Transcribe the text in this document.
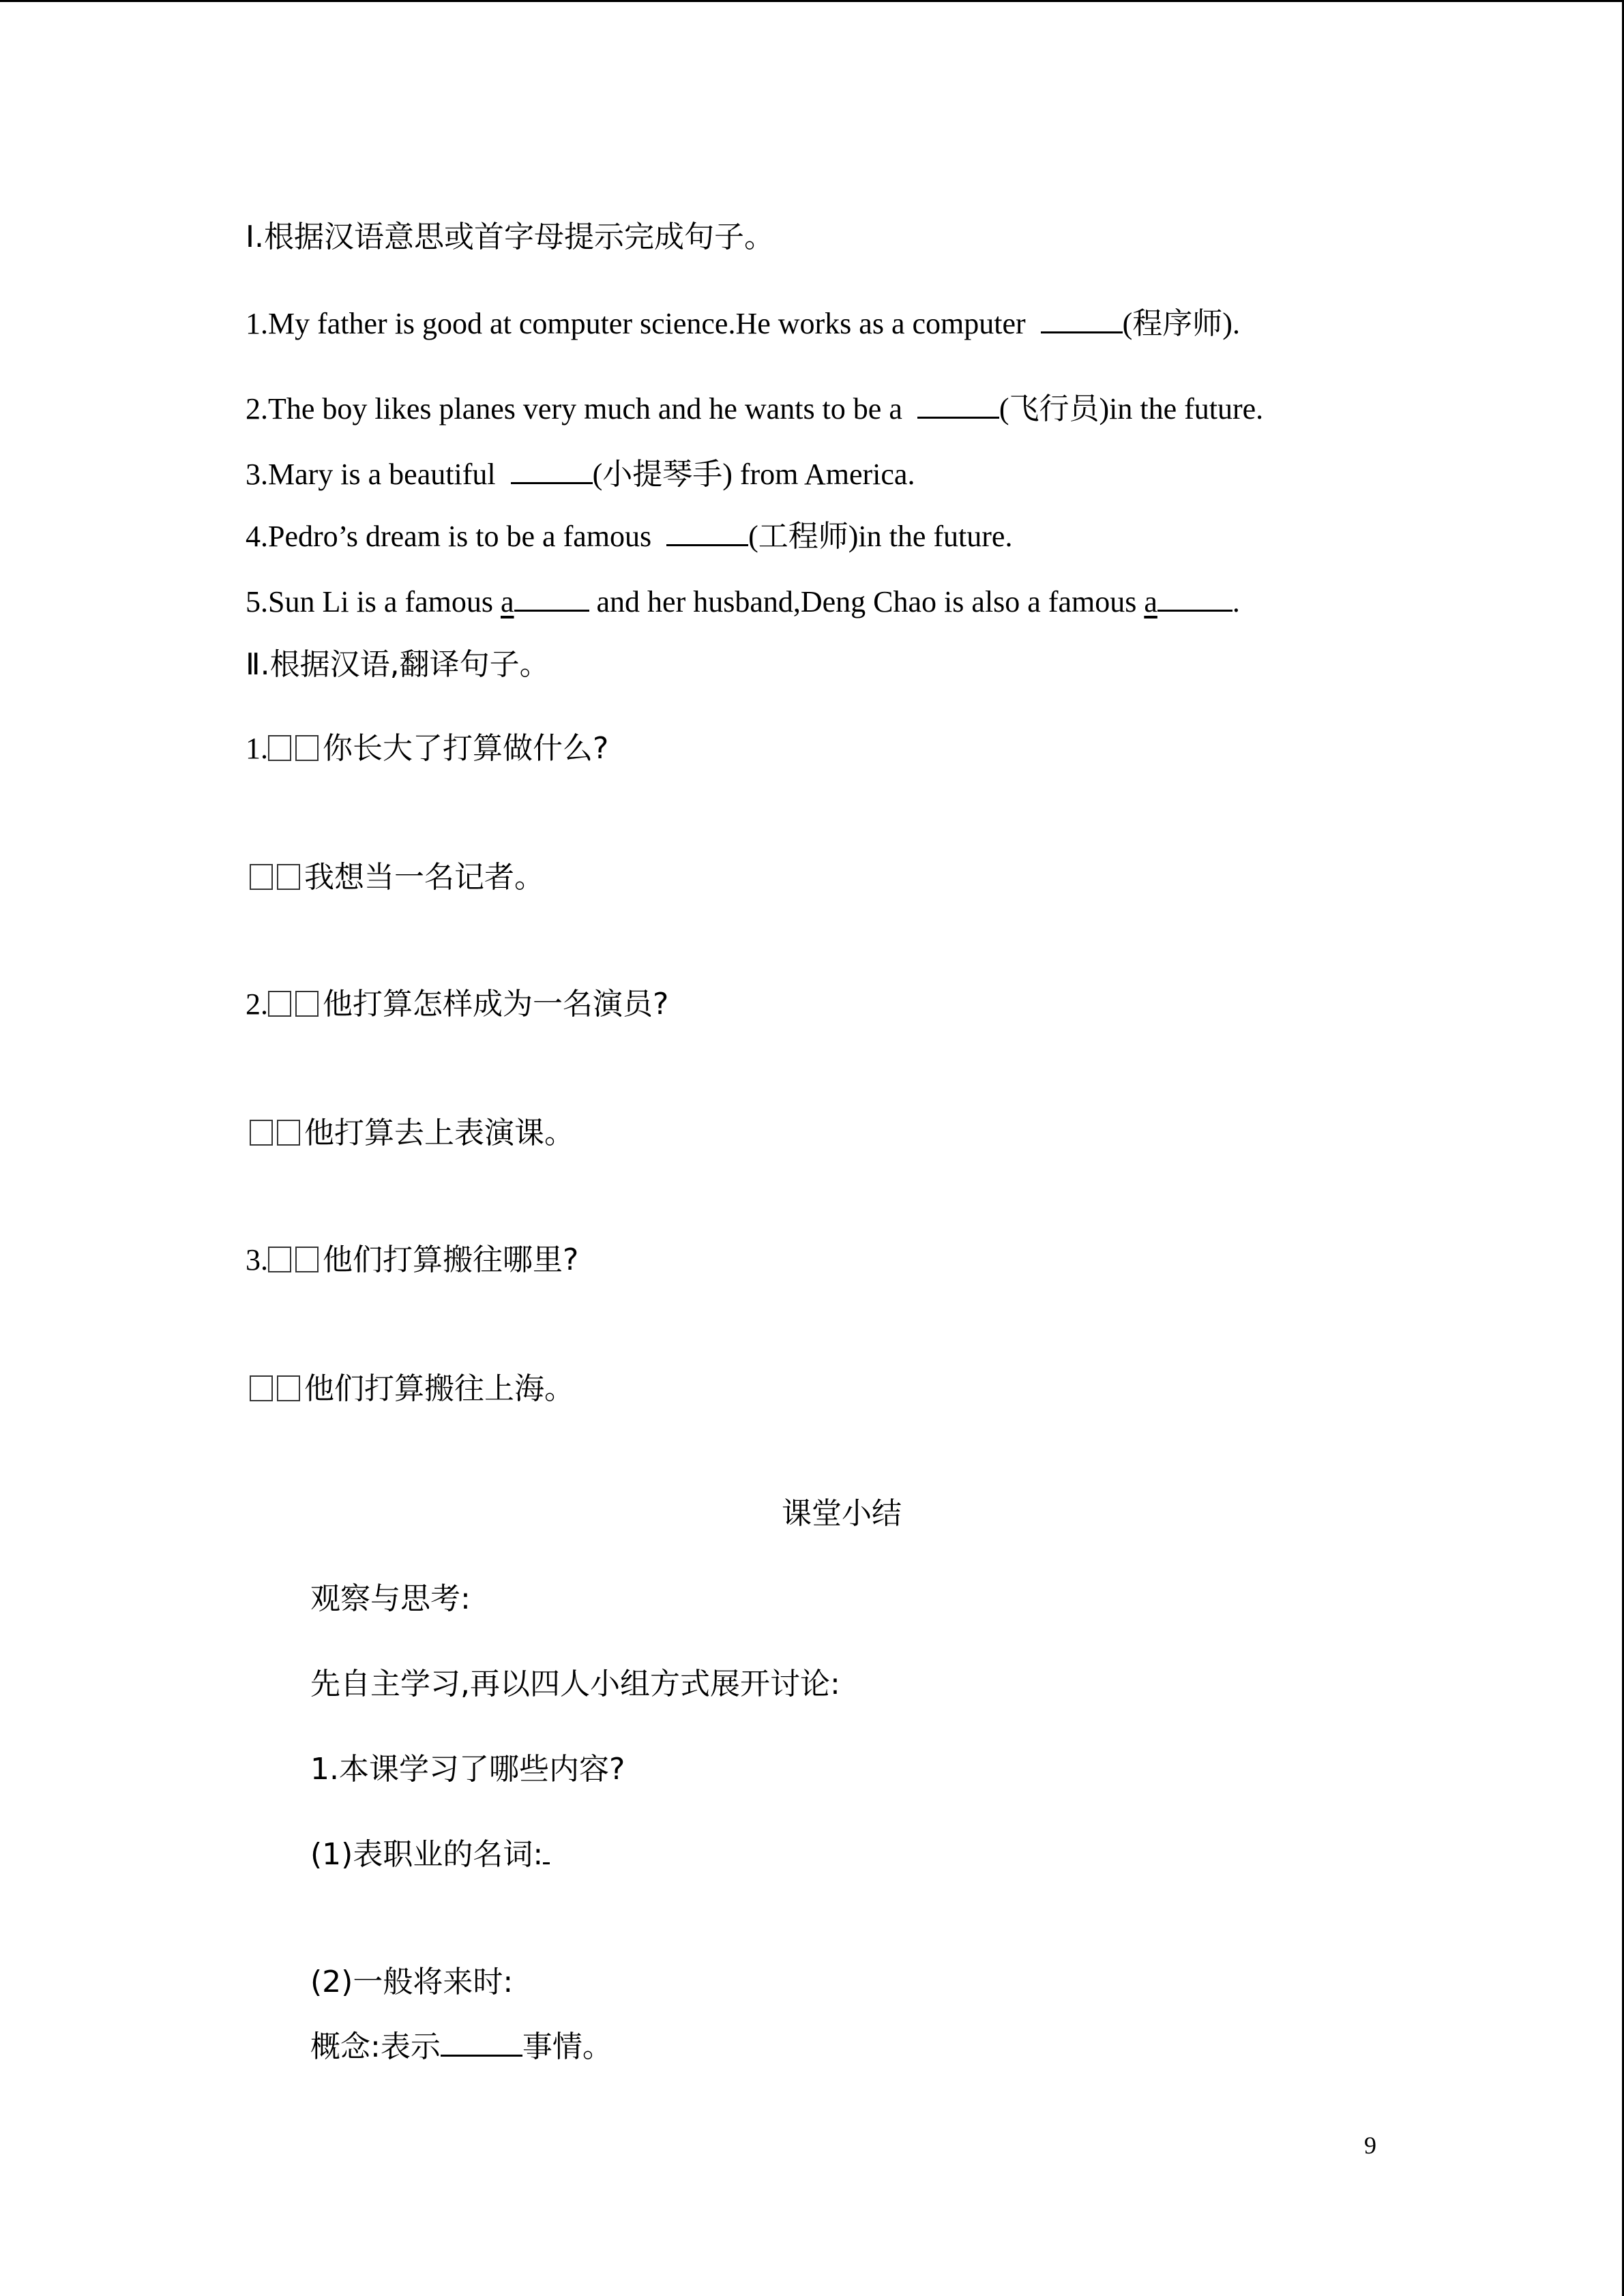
Ⅰ.根据汉语意思或首字母提示完成句子。
1.My father is good at computer science.He works as a computer	(程序师).
2.The boy likes planes very much and he wants to be a	(飞行员)in the future.
3.Mary is a beautiful	(小提琴手) from America.
4.Pedro’s dream is to be a famous	(工程师)in the future.
5.Sun Li is a famous a	and her husband,Deng Chao is also a famous a	.
Ⅱ.根据汉语,翻译句子。
1. 你长大了打算做什么?
我想当一名记者。
2. 他打算怎样成为一名演员?
他打算去上表演课。
3. 他们打算搬往哪里?
他们打算搬往上海。
课堂小结
观察与思考:
先自主学习,再以四人小组方式展开讨论:
1.本课学习了哪些内容?
(1)表职业的名词:
(2)一般将来时:
概念:表示	事情。
9
